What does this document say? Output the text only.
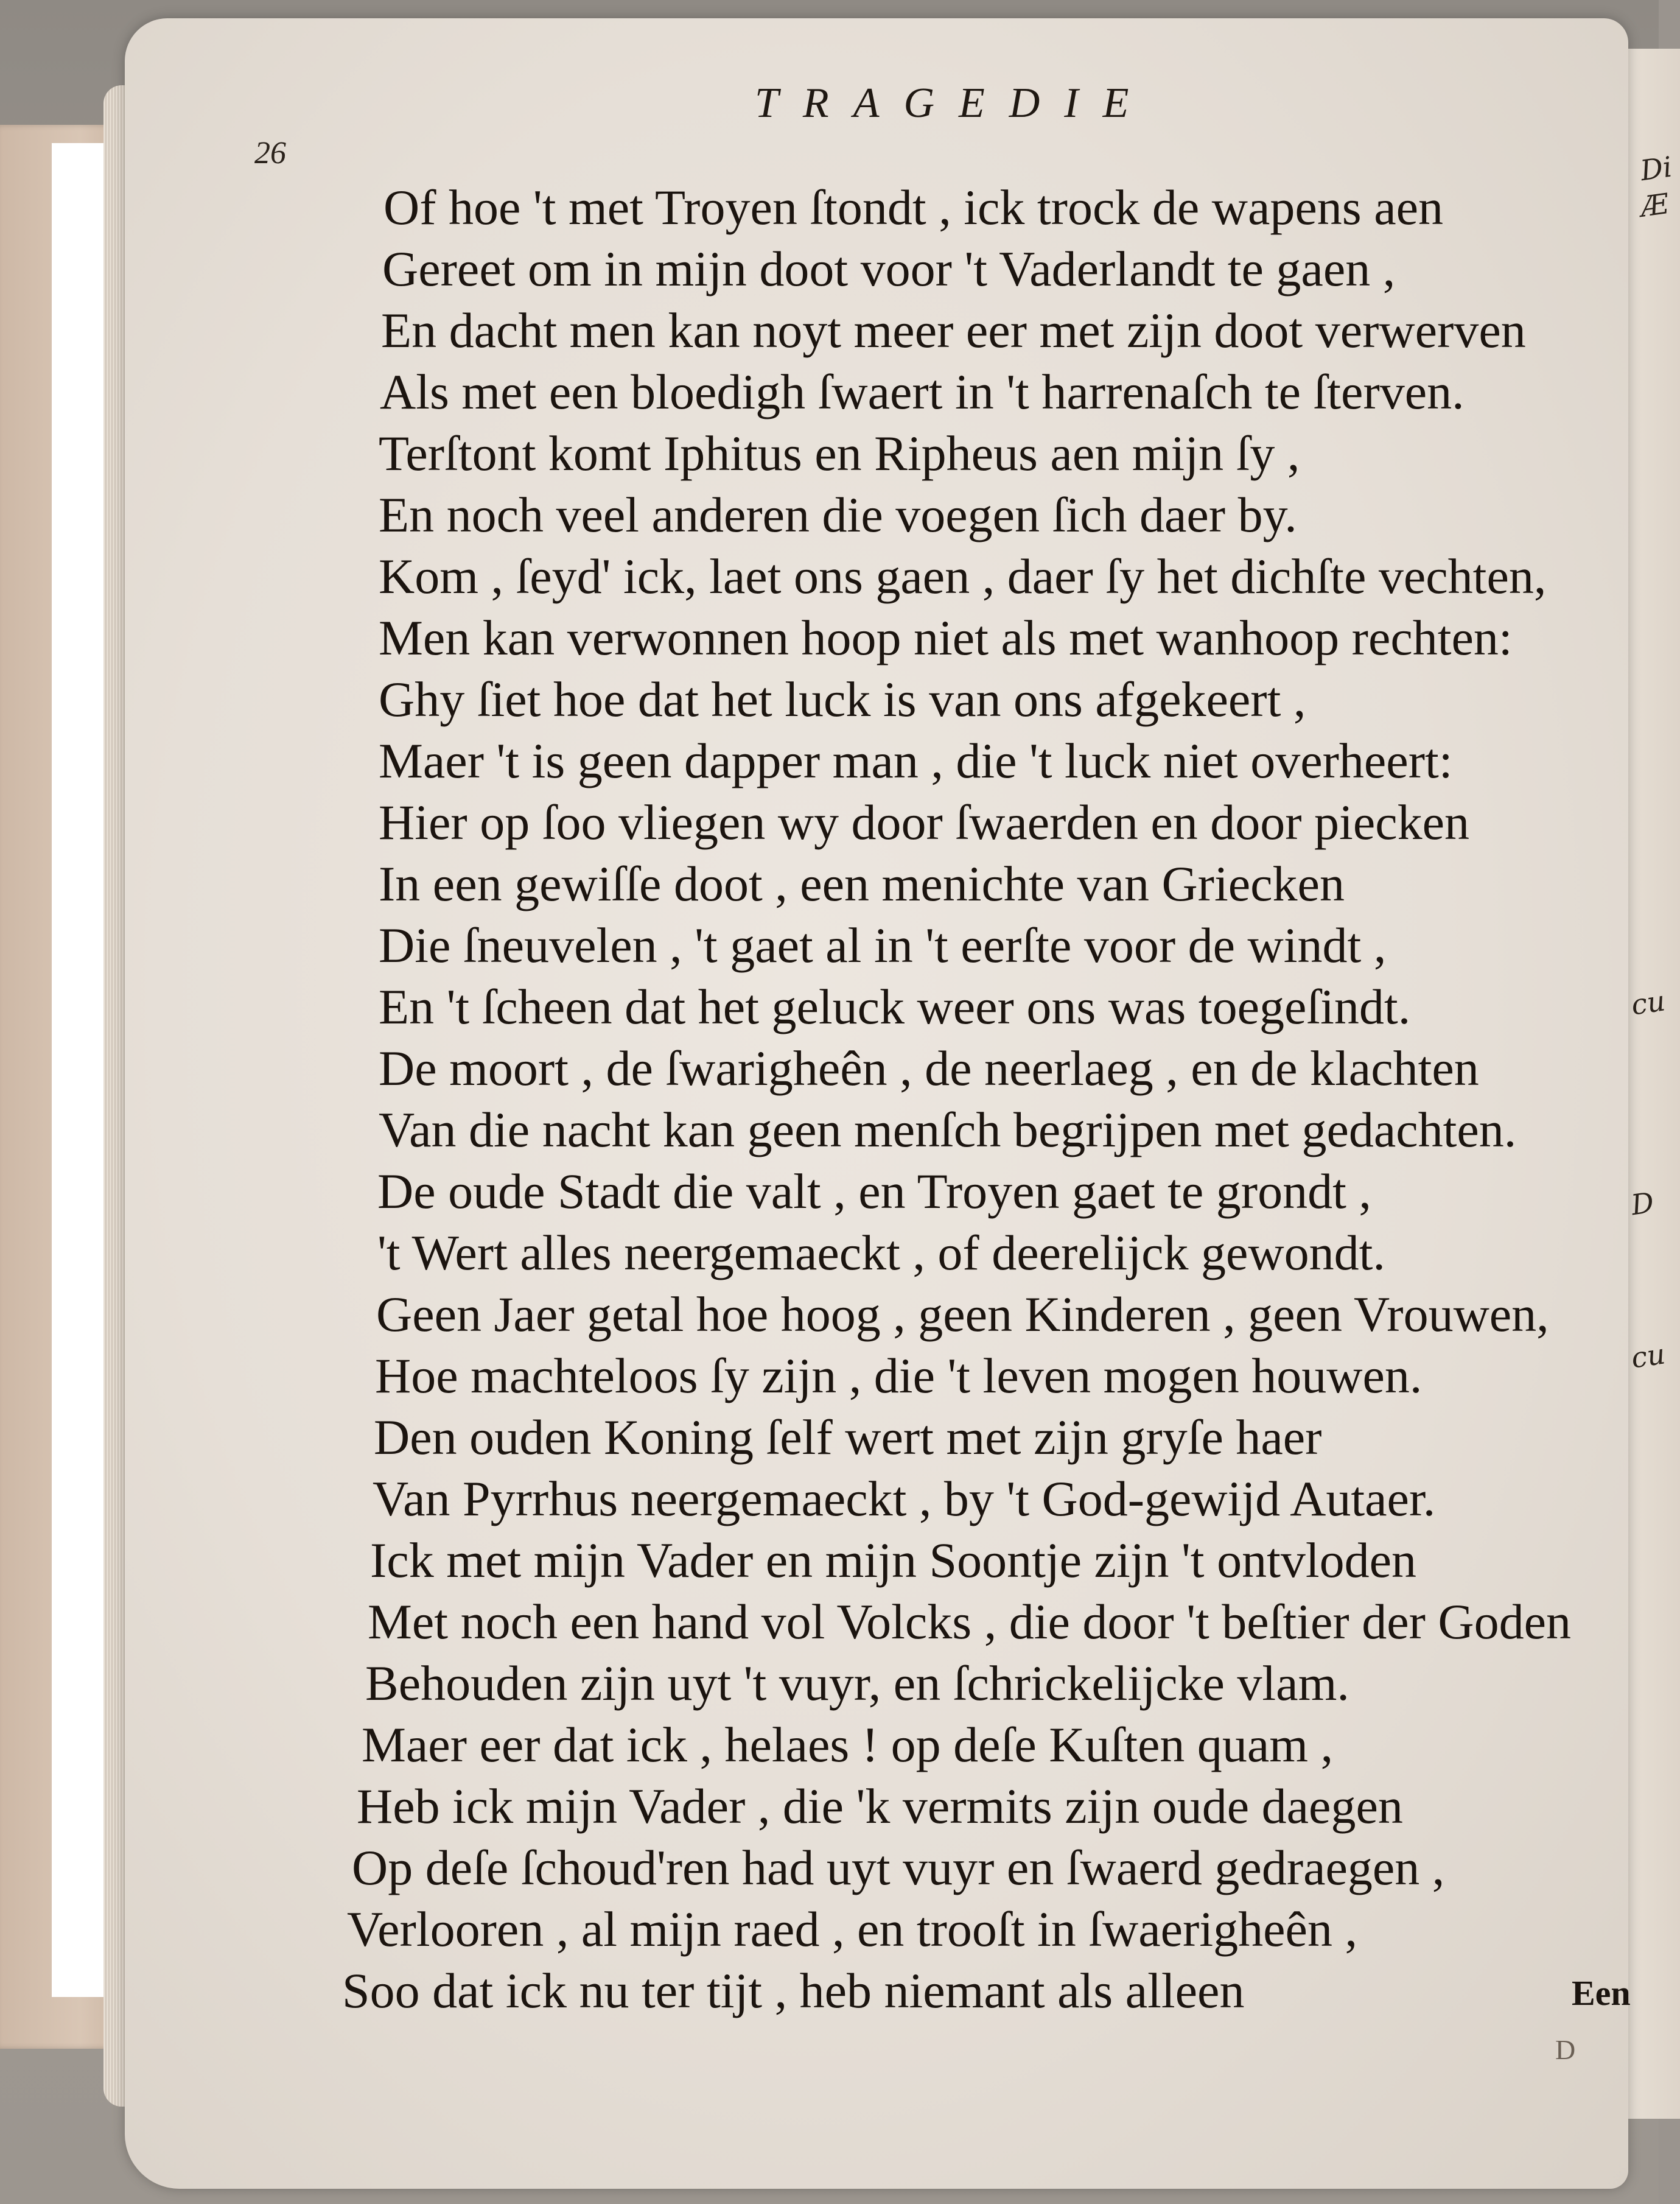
Di
Æ
cu
D
cu
TRAGEDIE
26
Of hoe 't met Troyen ſtondt , ick trock de wapens aen
Gereet om in mijn doot voor 't Vaderlandt te gaen ,
En dacht men kan noyt meer eer met zijn doot verwerven
Als met een bloedigh ſwaert in 't harrenaſch te ſterven.
Terſtont komt Iphitus en Ripheus aen mijn ſy ,
En noch veel anderen die voegen ſich daer by.
Kom , ſeyd' ick, laet ons gaen , daer ſy het dichſte vechten,
Men kan verwonnen hoop niet als met wanhoop rechten:
Ghy ſiet hoe dat het luck is van ons afgekeert ,
Maer 't is geen dapper man , die 't luck niet overheert:
Hier op ſoo vliegen wy door ſwaerden en door piecken
In een gewiſſe doot , een menichte van Griecken
Die ſneuvelen , 't gaet al in 't eerſte voor de windt ,
En 't ſcheen dat het geluck weer ons was toegeſindt.
De moort , de ſwarigheên , de neerlaeg , en de klachten
Van die nacht kan geen menſch begrijpen met gedachten.
De oude Stadt die valt , en Troyen gaet te grondt ,
't Wert alles neergemaeckt , of deerelijck gewondt.
Geen Jaer getal hoe hoog , geen Kinderen , geen Vrouwen,
Hoe machteloos ſy zijn , die 't leven mogen houwen.
Den ouden Koning ſelf wert met zijn gryſe haer
Van Pyrrhus neergemaeckt , by 't God-gewijd Autaer.
Ick met mijn Vader en mijn Soontje zijn 't ontvloden
Met noch een hand vol Volcks , die door 't beſtier der Goden
Behouden zijn uyt 't vuyr, en ſchrickelijcke vlam.
Maer eer dat ick , helaes ! op deſe Kuſten quam ,
Heb ick mijn Vader , die 'k vermits zijn oude daegen
Op deſe ſchoud'ren had uyt vuyr en ſwaerd gedraegen ,
Verlooren , al mijn raed , en trooſt in ſwaerigheên ,
Soo dat ick nu ter tijt , heb niemant als alleen	Een
D
